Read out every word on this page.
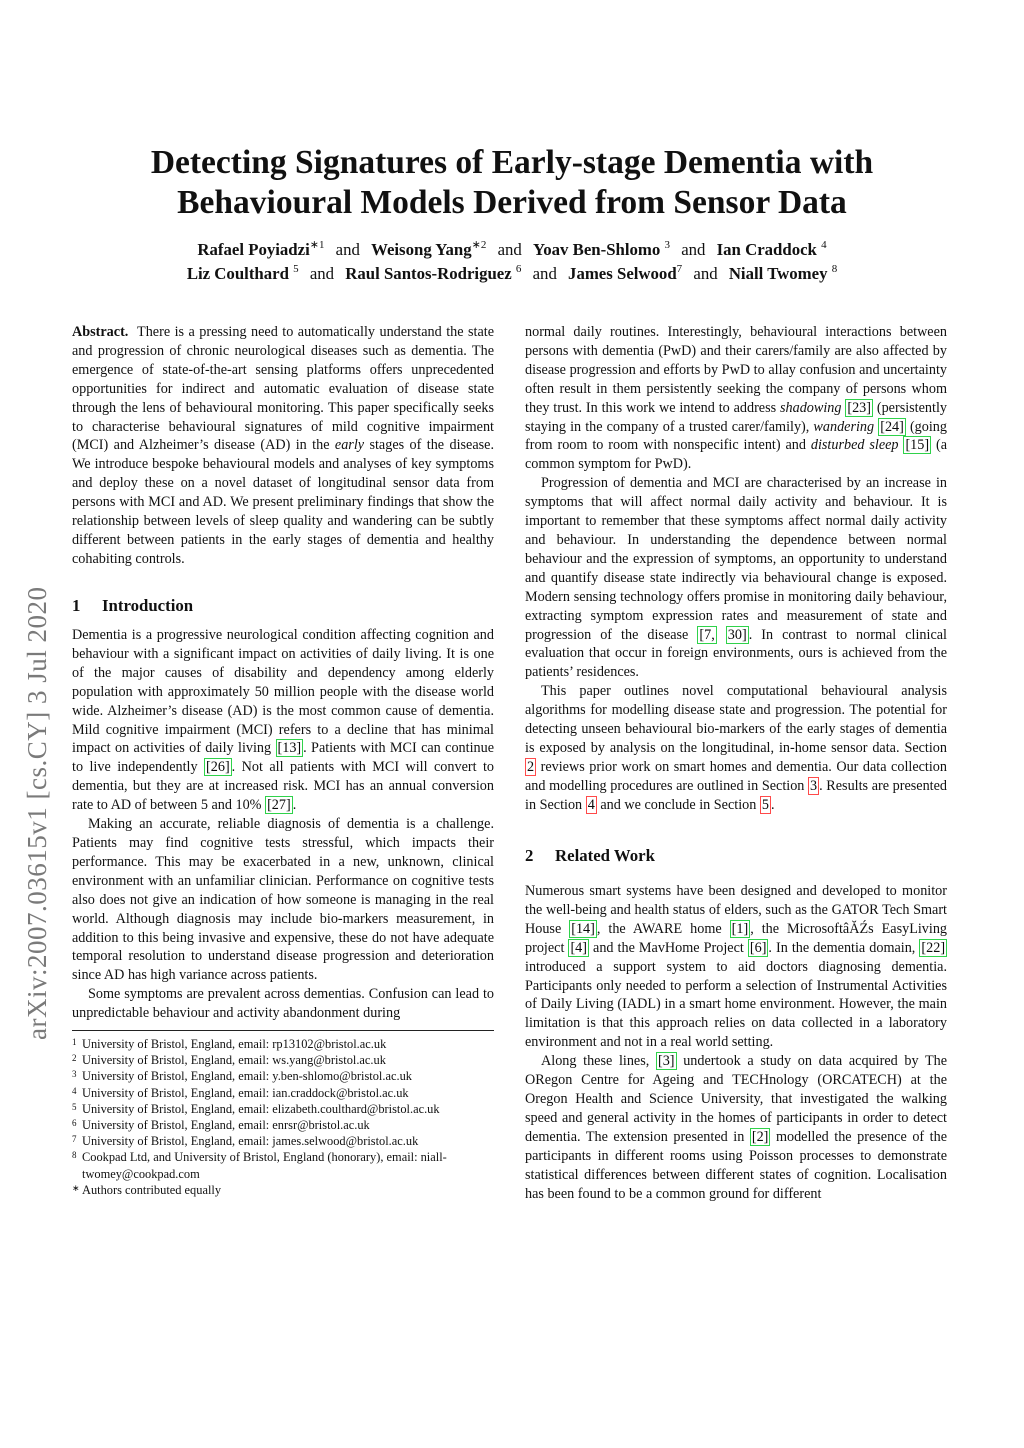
arXiv:2007.03615v1 [cs.CY] 3 Jul 2020
Detecting Signatures of Early-stage Dementia with
Behavioural Models Derived from Sensor Data
Rafael Poyiadzi$^{∗1}$ and Weisong Yang$^{∗2}$ and Yoav Ben-Shlomo $^3$ and Ian Craddock $^4$
Liz Coulthard $^5$ and Raul Santos-Rodriguez $^6$ and James Selwood$^7$ and Niall Twomey $^8$

Abstract. There is a pressing need to automatically understand the state and progression of chronic neurological diseases such as dementia. The emergence of state-of-the-art sensing platforms offers unprecedented opportunities for indirect and automatic evaluation of disease state through the lens of behavioural monitoring. This paper specifically seeks to characterise behavioural signatures of mild cognitive impairment (MCI) and Alzheimer’s disease (AD) in the early stages of the disease. We introduce bespoke behavioural models and analyses of key symptoms and deploy these on a novel dataset of longitudinal sensor data from persons with MCI and AD. We present preliminary findings that show the relationship between levels of sleep quality and wandering can be subtly different between patients in the early stages of dementia and healthy cohabiting controls.

1 Introduction

Dementia is a progressive neurological condition affecting cognition and behaviour with a significant impact on activities of daily living. It is one of the major causes of disability and dependency among elderly population with approximately 50 million people with the disease world wide. Alzheimer’s disease (AD) is the most common cause of dementia. Mild cognitive impairment (MCI) refers to a decline that has minimal impact on activities of daily living [13] . Patients with MCI can continue to live independently [26] . Not all patients with MCI will convert to dementia, but they are at increased risk. MCI has an annual conversion rate to AD of between 5 and 10% [27] .

Making an accurate, reliable diagnosis of dementia is a challenge. Patients may find cognitive tests stressful, which impacts their performance. This may be exacerbated in a new, unknown, clinical environment with an unfamiliar clinician. Performance on cognitive tests also does not give an indication of how someone is managing in the real world. Although diagnosis may include bio-markers measurement, in addition to this being invasive and expensive, these do not have adequate temporal resolution to understand disease progression and deterioration since AD has high variance across patients.

Some symptoms are prevalent across dementias. Confusion can lead to unpredictable behaviour and activity abandonment during

1 University of Bristol, England, email: rp13102@bristol.ac.uk
2 University of Bristol, England, email: ws.yang@bristol.ac.uk
3 University of Bristol, England, email: y.ben-shlomo@bristol.ac.uk
4 University of Bristol, England, email: ian.craddock@bristol.ac.uk
5 University of Bristol, England, email: elizabeth.coulthard@bristol.ac.uk
6 University of Bristol, England, email: enrsr@bristol.ac.uk
7 University of Bristol, England, email: james.selwood@bristol.ac.uk
8 Cookpad Ltd, and University of Bristol, England (honorary), email: niall-twomey@cookpad.com
∗ Authors contributed equally

normal daily routines. Interestingly, behavioural interactions between persons with dementia (PwD) and their carers/family are also affected by disease progression and efforts by PwD to allay confusion and uncertainty often result in them persistently seeking the company of persons whom they trust. In this work we intend to address shadowing [23] (persistently staying in the company of a trusted carer/family), wandering [24] (going from room to room with nonspecific intent) and disturbed sleep [15] (a common symptom for PwD).

Progression of dementia and MCI are characterised by an increase in symptoms that will affect normal daily activity and behaviour. It is important to remember that these symptoms affect normal daily activity and behaviour. In understanding the dependence between normal behaviour and the expression of symptoms, an opportunity to understand and quantify disease state indirectly via behavioural change is exposed. Modern sensing technology offers promise in monitoring daily behaviour, extracting symptom expression rates and measurement of state and progression of the disease [7, 30] . In contrast to normal clinical evaluation that occur in foreign environments, ours is achieved from the patients’ residences.

This paper outlines novel computational behavioural analysis algorithms for modelling disease state and progression. The potential for detecting unseen behavioural bio-markers of the early stages of dementia is exposed by analysis on the longitudinal, in-home sensor data. Section 2 reviews prior work on smart homes and dementia. Our data collection and modelling procedures are outlined in Section 3 . Results are presented in Section 4 and we conclude in Section 5 .

2 Related Work

Numerous smart systems have been designed and developed to monitor the well-being and health status of elders, such as the GATOR Tech Smart House [14] , the AWARE home [1] , the MicrosoftâĂŹs EasyLiving project [4] and the MavHome Project [6] . In the dementia domain, [22] introduced a support system to aid doctors diagnosing dementia. Participants only needed to perform a selection of Instrumental Activities of Daily Living (IADL) in a smart home environment. However, the main limitation is that this approach relies on data collected in a laboratory environment and not in a real world setting.

Along these lines, [3] undertook a study on data acquired by The ORegon Centre for Ageing and TECHnology (ORCATECH) at the Oregon Health and Science University, that investigated the walking speed and general activity in the homes of participants in order to detect dementia. The extension presented in [2] modelled the presence of the participants in different rooms using Poisson processes to demonstrate statistical differences between different states of cognition. Localisation has been found to be a common ground for different
